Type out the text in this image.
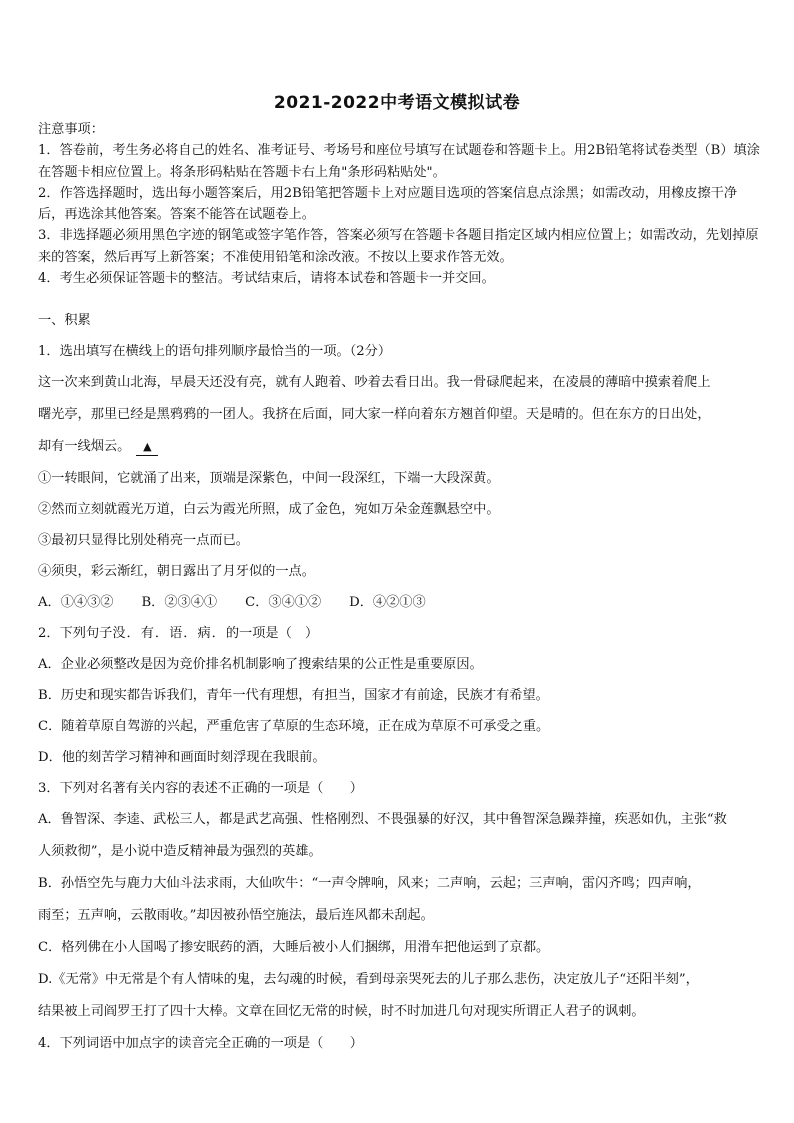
2021-2022中考语文模拟试卷

注意事项：

1．答卷前，考生务必将自己的姓名、准考证号、考场号和座位号填写在试题卷和答题卡上。用2B铅笔将试卷类型（B）填涂在答题卡相应位置上。将条形码粘贴在答题卡右上角"条形码粘贴处"。

2．作答选择题时，选出每小题答案后，用2B铅笔把答题卡上对应题目选项的答案信息点涂黑；如需改动，用橡皮擦干净后，再选涂其他答案。答案不能答在试题卷上。

3．非选择题必须用黑色字迹的钢笔或签字笔作答，答案必须写在答题卡各题目指定区域内相应位置上；如需改动，先划掉原来的答案，然后再写上新答案；不准使用铅笔和涂改液。不按以上要求作答无效。

4．考生必须保证答题卡的整洁。考试结束后，请将本试卷和答题卡一并交回。

一、积累

1．选出填写在横线上的语句排列顺序最恰当的一项。（2分）

这一次来到黄山北海，早晨天还没有亮，就有人跑着、吵着去看日出。我一骨碌爬起来，在凌晨的薄暗中摸索着爬上

曙光亭，那里已经是黑鸦鸦的一团人。我挤在后面，同大家一样向着东方翘首仰望。天是晴的。但在东方的日出处，

却有一线烟云。 ▲

①一转眼间，它就涌了出来，顶端是深紫色，中间一段深红，下端一大段深黄。

②然而立刻就霞光万道，白云为霞光所照，成了金色，宛如万朵金莲飘悬空中。

③最初只显得比别处稍亮一点而已。

④须臾，彩云渐红，朝日露出了月牙似的一点。

A．①④③② B．②③④① C．③④①② D．④②①③

2．下列句子没．有．语．病．的一项是（　）

A．企业必须整改是因为竞价排名机制影响了搜索结果的公正性是重要原因。

B．历史和现实都告诉我们，青年一代有理想，有担当，国家才有前途，民族才有希望。

C．随着草原自驾游的兴起，严重危害了草原的生态环境，正在成为草原不可承受之重。

D．他的刻苦学习精神和画面时刻浮现在我眼前。

3．下列对名著有关内容的表述不正确的一项是（　　）

A．鲁智深、李逵、武松三人，都是武艺高强、性格刚烈、不畏强暴的好汉，其中鲁智深急躁莽撞，疾恶如仇，主张“救

人须救彻”，是小说中造反精神最为强烈的英雄。

B．孙悟空先与鹿力大仙斗法求雨，大仙吹牛：“一声令牌响，风来；二声响，云起；三声响，雷闪齐鸣；四声响，

雨至；五声响，云散雨收。”却因被孙悟空施法，最后连风都未刮起。

C．格列佛在小人国喝了掺安眠药的酒，大睡后被小人们捆绑，用滑车把他运到了京都。

D.《无常》中无常是个有人情味的鬼，去勾魂的时候，看到母亲哭死去的儿子那么悲伤，决定放儿子“还阳半刻”，

结果被上司阎罗王打了四十大棒。文章在回忆无常的时候，时不时加进几句对现实所谓正人君子的讽刺。

4．下列词语中加点字的读音完全正确的一项是（　　）
